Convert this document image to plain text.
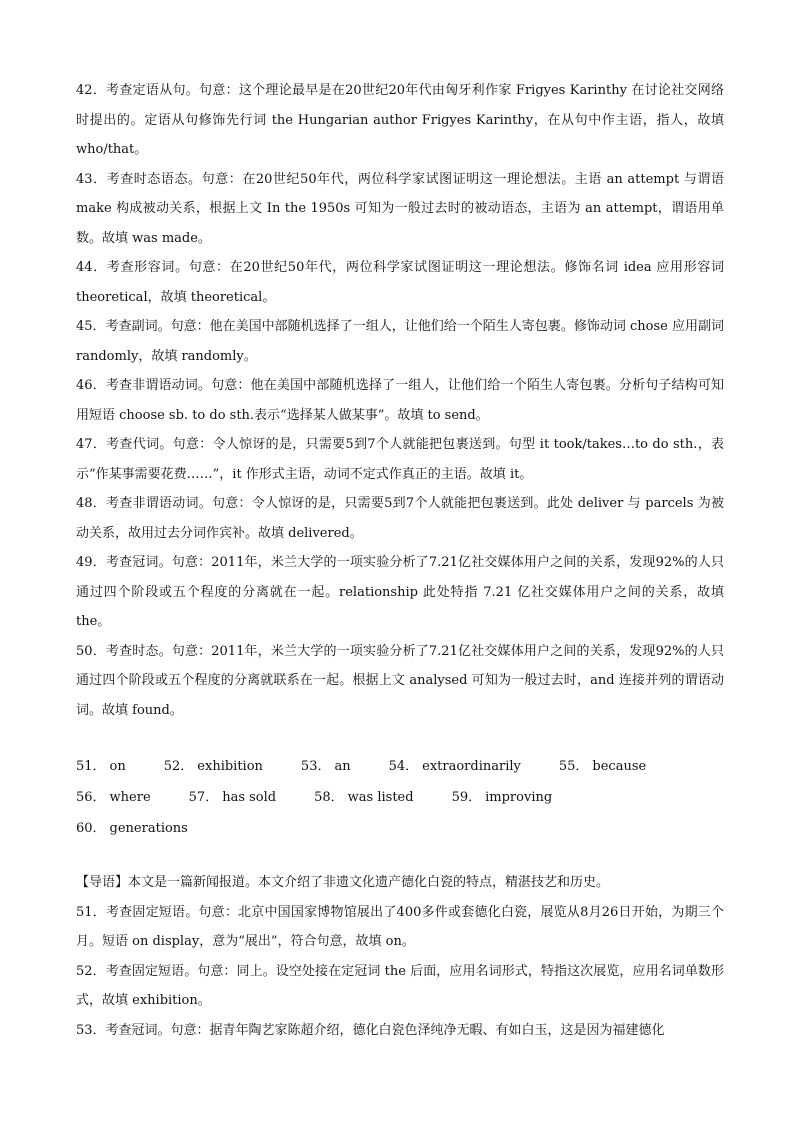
42．考查定语从句。句意：这个理论最早是在20世纪20年代由匈牙利作家 Frigyes Karinthy 在讨论社交网络时提出的。定语从句修饰先行词 the Hungarian author Frigyes Karinthy，在从句中作主语，指人，故填who/that。

43．考查时态语态。句意：在20世纪50年代，两位科学家试图证明这一理论想法。主语 an attempt 与谓语 make 构成被动关系，根据上文 In the 1950s 可知为一般过去时的被动语态，主语为 an attempt，谓语用单数。故填 was made。

44．考查形容词。句意：在20世纪50年代，两位科学家试图证明这一理论想法。修饰名词 idea 应用形容词 theoretical，故填 theoretical。

45．考查副词。句意：他在美国中部随机选择了一组人，让他们给一个陌生人寄包裹。修饰动词 chose 应用副词 randomly，故填 randomly。

46．考查非谓语动词。句意：他在美国中部随机选择了一组人，让他们给一个陌生人寄包裹。分析句子结构可知用短语 choose sb. to do sth.表示“选择某人做某事”。故填 to send。

47．考查代词。句意：令人惊讶的是，只需要5到7个人就能把包裹送到。句型 it took/takes…to do sth.，表示“作某事需要花费……”，it 作形式主语，动词不定式作真正的主语。故填 it。

48．考查非谓语动词。句意：令人惊讶的是，只需要5到7个人就能把包裹送到。此处 deliver 与 parcels 为被动关系，故用过去分词作宾补。故填 delivered。

49．考查冠词。句意：2011年，米兰大学的一项实验分析了7.21亿社交媒体用户之间的关系，发现92%的人只通过四个阶段或五个程度的分离就在一起。relationship 此处特指 7.21 亿社交媒体用户之间的关系，故填 the。

50．考查时态。句意：2011年，米兰大学的一项实验分析了7.21亿社交媒体用户之间的关系，发现92%的人只通过四个阶段或五个程度的分离就联系在一起。根据上文 analysed 可知为一般过去时，and 连接并列的谓语动词。故填 found。

51． on	52． exhibition	53． an	54． extraordinarily	55． because
56． where	57． has sold	58． was listed	59． improving
60． generations

【导语】本文是一篇新闻报道。本文介绍了非遗文化遗产德化白瓷的特点，精湛技艺和历史。

51．考查固定短语。句意：北京中国国家博物馆展出了400多件或套德化白瓷，展览从8月26日开始，为期三个月。短语 on display，意为“展出”，符合句意，故填 on。

52．考查固定短语。句意：同上。设空处接在定冠词 the 后面，应用名词形式，特指这次展览，应用名词单数形式，故填 exhibition。

53．考查冠词。句意：据青年陶艺家陈超介绍，德化白瓷色泽纯净无暇、有如白玉，这是因为福建德化
